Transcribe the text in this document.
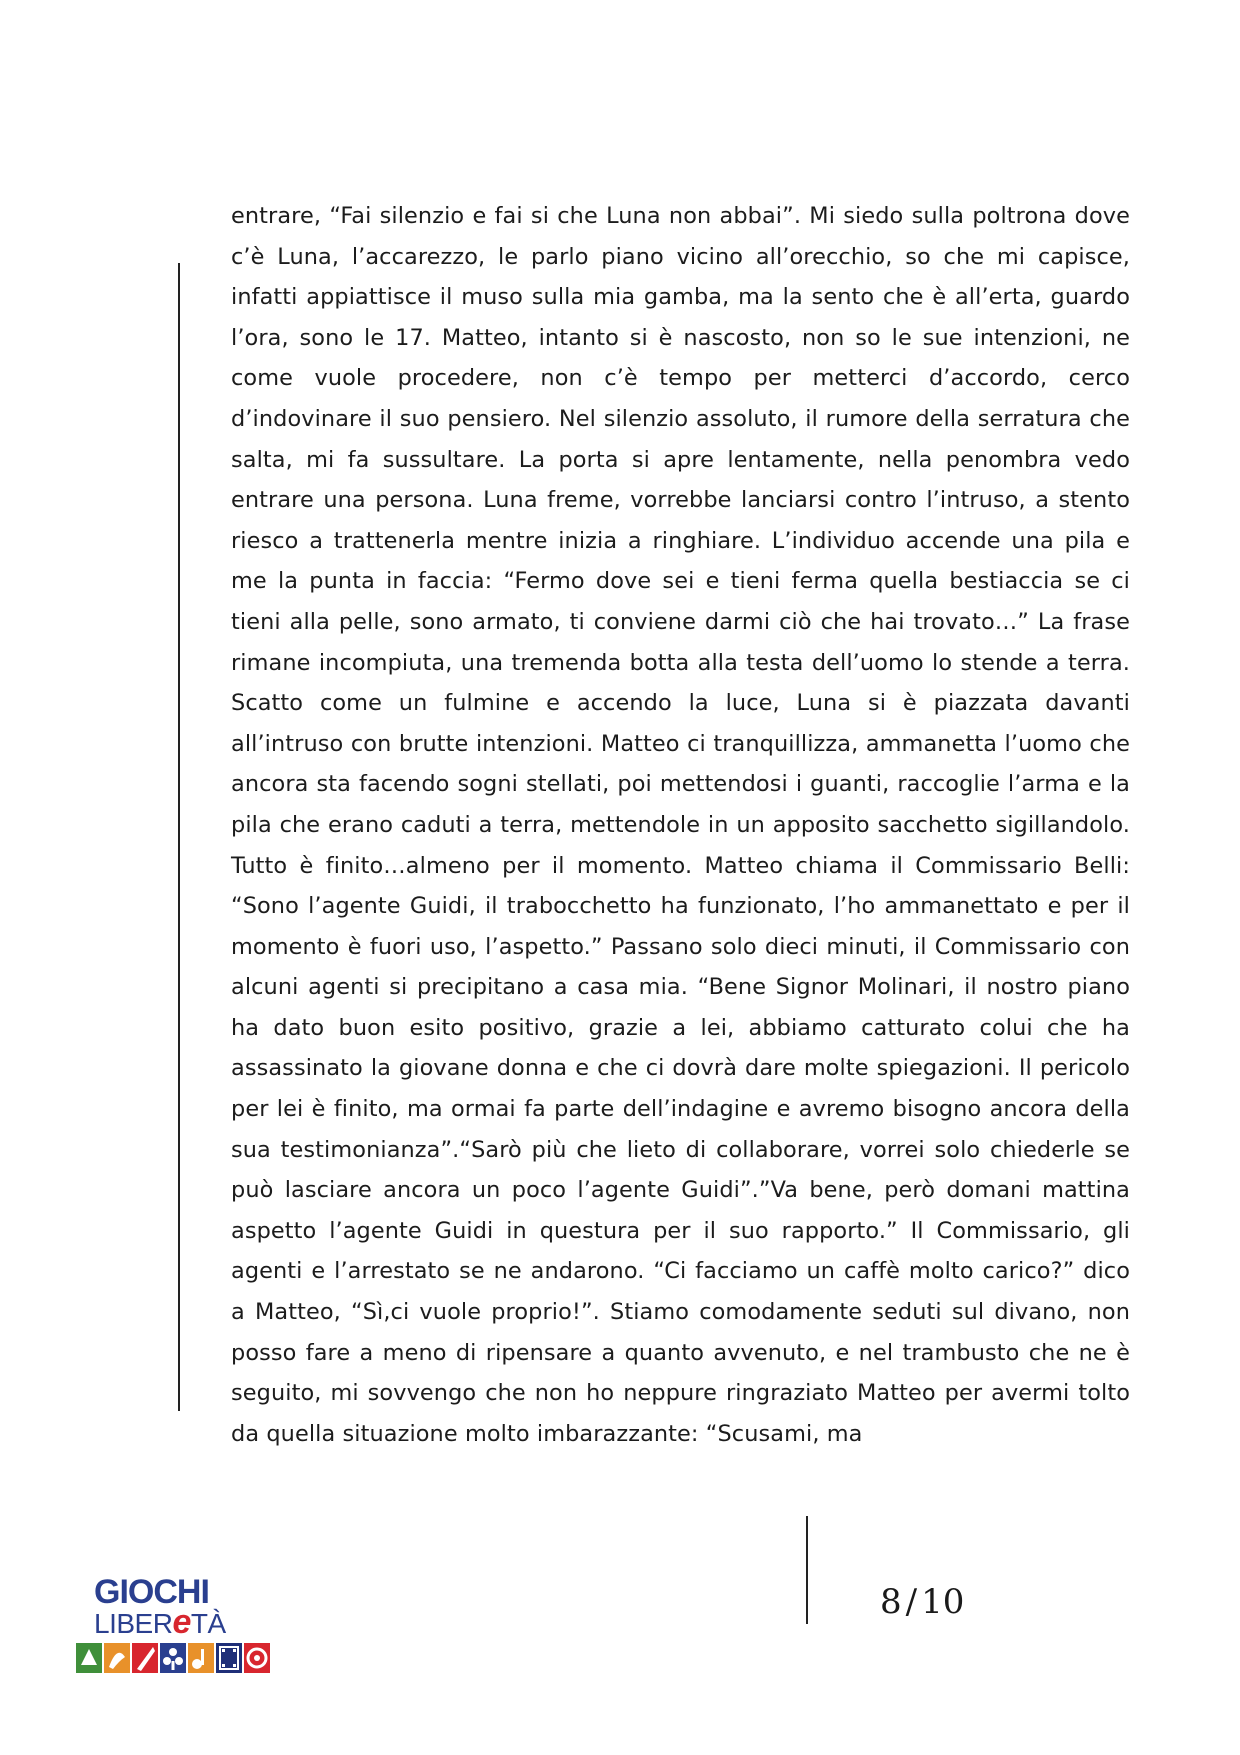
entrare, “Fai silenzio e fai si che Luna non abbai”. Mi siedo sulla poltrona dove c’è Luna, l’accarezzo, le parlo piano vicino all’orecchio, so che mi capisce, infatti appiattisce il muso sulla mia gamba, ma la sento che è all’erta, guardo l’ora, sono le 17. Matteo, intanto si è nascosto, non so le sue intenzioni, ne come vuole procedere, non c’è tempo per metterci d’accordo, cerco d’indovinare il suo pensiero. Nel silenzio assoluto, il rumore della serratura che salta, mi fa sussultare. La porta si apre lentamente, nella penombra vedo entrare una persona. Luna freme, vorrebbe lanciarsi contro l’intruso, a stento riesco a trattenerla mentre inizia a ringhiare. L’individuo accende una pila e me la punta in faccia: “Fermo dove sei e tieni ferma quella bestiaccia se ci tieni alla pelle, sono armato, ti conviene darmi ciò che hai trovato…” La frase rimane incompiuta, una tremenda botta alla testa dell’uomo lo stende a terra. Scatto come un fulmine e accendo la luce, Luna si è piazzata davanti all’intruso con brutte intenzioni. Matteo ci tranquillizza, ammanetta l’uomo che ancora sta facendo sogni stellati, poi mettendosi i guanti, raccoglie l’arma e la pila che erano caduti a terra, mettendole in un apposito sacchetto sigillandolo. Tutto è finito…almeno per il momento. Matteo chiama il Commissario Belli: “Sono l’agente Guidi, il trabocchetto ha funzionato, l’ho ammanettato e per il momento è fuori uso, l’aspetto.” Passano solo dieci minuti, il Commissario con alcuni agenti si precipitano a casa mia. “Bene Signor Molinari, il nostro piano ha dato buon esito positivo, grazie a lei, abbiamo catturato colui che ha assassinato la giovane donna e che ci dovrà dare molte spiegazioni. Il pericolo per lei è finito, ma ormai fa parte dell’indagine e avremo bisogno ancora della sua testimonianza”.“Sarò più che lieto di collaborare, vorrei solo chiederle se può lasciare ancora un poco l’agente Guidi”.”Va bene, però domani mattina aspetto l’agente Guidi in questura per il suo rapporto.” Il Commissario, gli agenti e l’arrestato se ne andarono. “Ci facciamo un caffè molto carico?” dico a Matteo, “Sì,ci vuole proprio!”. Stiamo comodamente seduti sul divano, non posso fare a meno di ripensare a quanto avvenuto, e nel trambusto che ne è seguito, mi sovvengo che non ho neppure ringraziato Matteo per avermi tolto da quella situazione molto imbarazzante: “Scusami, ma

GIOCHI
LIBEReTÀ
8 / 10
